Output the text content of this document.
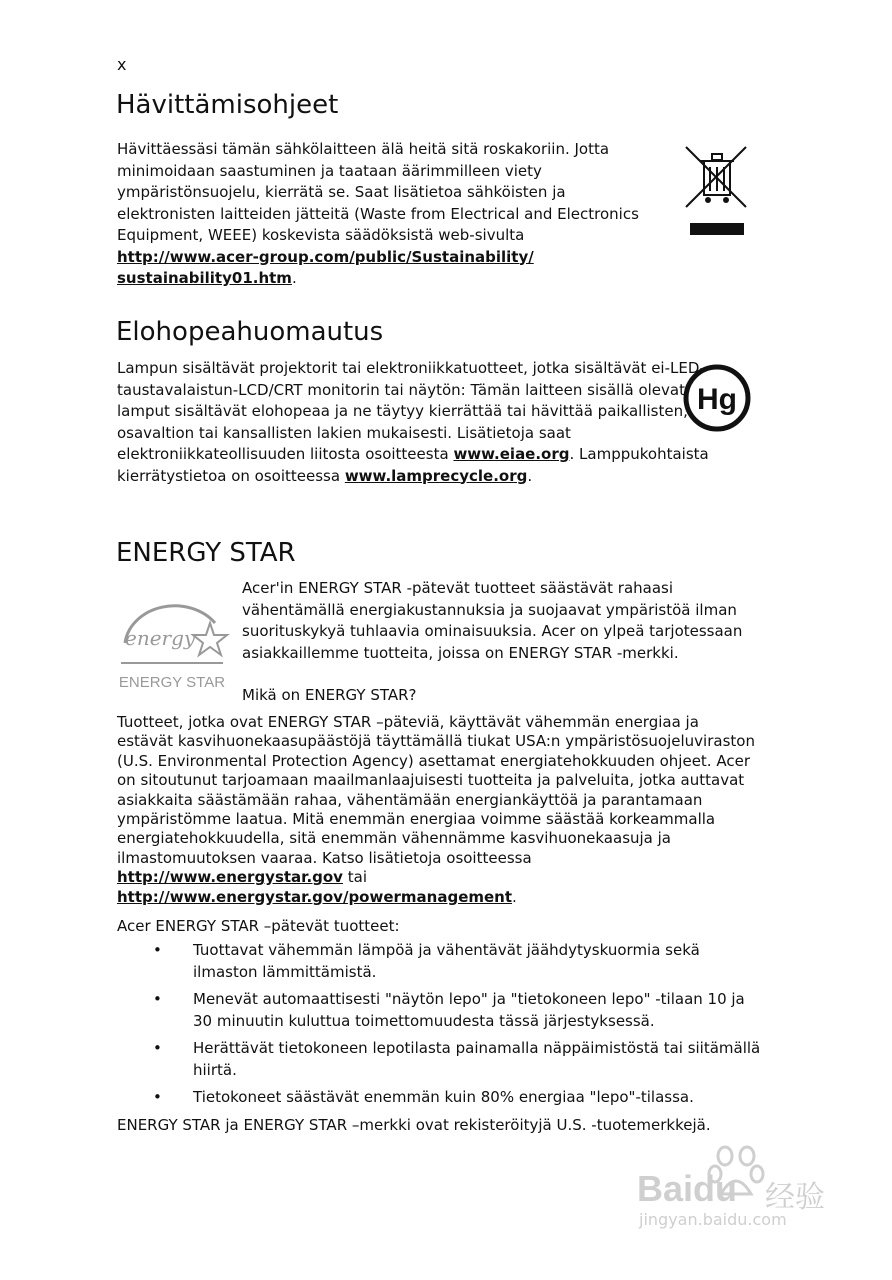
x
Hävittämisohjeet

Hävittäessäsi tämän sähkölaitteen älä heitä sitä roskakoriin. Jotta minimoidaan saastuminen ja taataan äärimmilleen viety ympäristönsuojelu, kierrätä se. Saat lisätietoa sähköisten ja elektronisten laitteiden jätteitä (Waste from Electrical and Electronics Equipment, WEEE) koskevista säädöksistä web-sivulta http://www.acer-group.com/public/Sustainability/
sustainability01.htm.

Elohopeahuomautus

Lampun sisältävät projektorit tai elektroniikkatuotteet, jotka sisältävät ei-LED-taustavalaistun-LCD/CRT monitorin tai näytön: Tämän laitteen sisällä olevat lamput sisältävät elohopeaa ja ne täytyy kierrättää tai hävittää paikallisten, osavaltion tai kansallisten lakien mukaisesti. Lisätietoja saat elektroniikkateollisuuden liitosta osoitteesta www.eiae.org. Lamppukohtaista kierrätystietoa on osoitteessa www.lamprecycle.org.

Hg
ENERGY STAR
energy
ENERGY STAR

Acer'in ENERGY STAR -pätevät tuotteet säästävät rahaasi vähentämällä energiakustannuksia ja suojaavat ympäristöä ilman suorituskykyä tuhlaavia ominaisuuksia. Acer on ylpeä tarjotessaan asiakkaillemme tuotteita, joissa on ENERGY STAR -merkki.

Mikä on ENERGY STAR?

Tuotteet, jotka ovat ENERGY STAR –päteviä, käyttävät vähemmän energiaa ja estävät kasvihuonekaasupäästöjä täyttämällä tiukat USA:n ympäristösuojeluviraston (U.S. Environmental Protection Agency) asettamat energiatehokkuuden ohjeet. Acer on sitoutunut tarjoamaan maailmanlaajuisesti tuotteita ja palveluita, jotka auttavat asiakkaita säästämään rahaa, vähentämään energiankäyttöä ja parantamaan ympäristömme laatua. Mitä enemmän energiaa voimme säästää korkeammalla energiatehokkuudella, sitä enemmän vähennämme kasvihuonekaasuja ja ilmastomuutoksen vaaraa. Katso lisätietoja osoitteessa http://www.energystar.gov tai http://www.energystar.gov/powermanagement.

Acer ENERGY STAR –pätevät tuotteet:

• Tuottavat vähemmän lämpöä ja vähentävät jäähdytyskuormia sekä ilmaston lämmittämistä.
• Menevät automaattisesti "näytön lepo" ja "tietokoneen lepo" -tilaan 10 ja 30 minuutin kuluttua toimettomuudesta tässä järjestyksessä.
• Herättävät tietokoneen lepotilasta painamalla näppäimistöstä tai siitämällä hiirtä.
• Tietokoneet säästävät enemmän kuin 80% energiaa "lepo"-tilassa.

ENERGY STAR ja ENERGY STAR –merkki ovat rekisteröityjä U.S. -tuotemerkkejä.

Baidu 经验
jingyan.baidu.com
